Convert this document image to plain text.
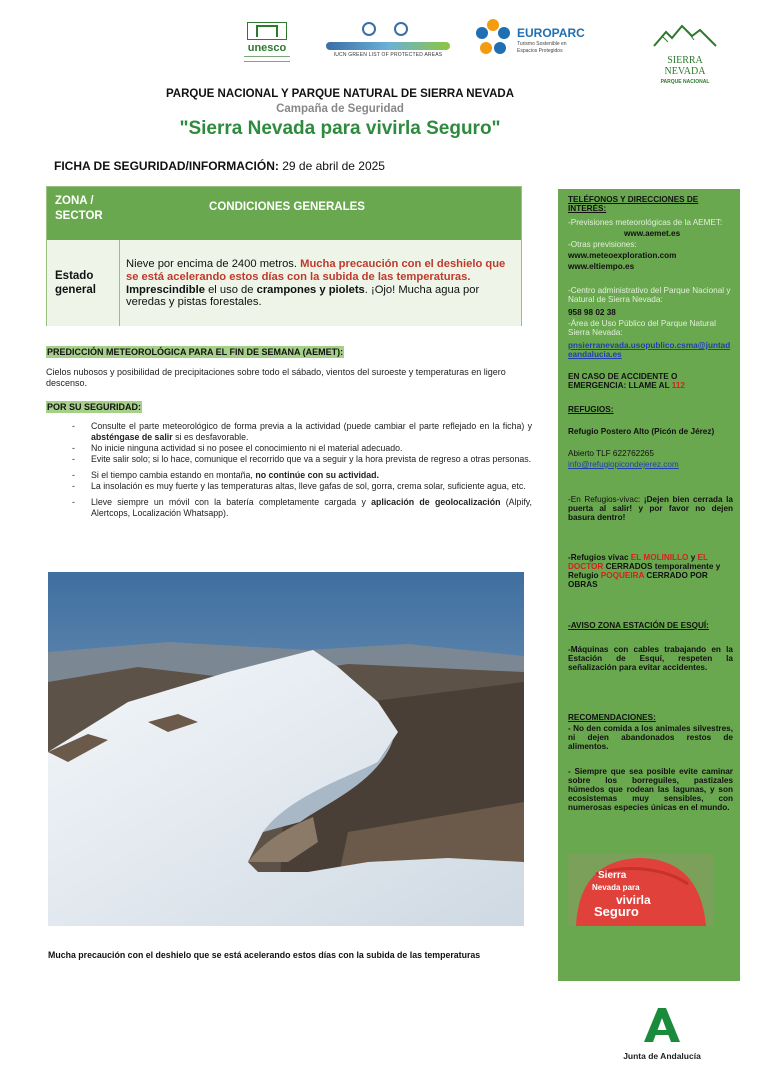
unesco
IUCN GREEN LIST OF PROTECTED AREAS
EUROPARC
Turismo Sostenible en Espacios Protegidos
SIERRA
NEVADA
PARQUE NACIONAL
PARQUE NACIONAL Y PARQUE NATURAL DE SIERRA NEVADA
Campaña de Seguridad
"Sierra Nevada para vivirla Seguro"
FICHA DE SEGURIDAD/INFORMACIÓN: 29 de abril de 2025
ZONA / SECTOR
CONDICIONES GENERALES
Estado general
Nieve por encima de 2400 metros. Mucha precaución con el deshielo que se está acelerando estos días con la subida de las temperaturas. Imprescindible el uso de crampones y piolets. ¡Ojo! Mucha agua por veredas y pistas forestales.
PREDICCIÓN METEOROLÓGICA PARA EL FIN DE SEMANA (AEMET):
Cielos nubosos y posibilidad de precipitaciones sobre todo el sábado, vientos del suroeste y temperaturas en ligero descenso.
POR SU SEGURIDAD:
- Consulte el parte meteorológico de forma previa a la actividad (puede cambiar el parte reflejado en la ficha) y absténgase de salir si es desfavorable.
- No inicie ninguna actividad si no posee el conocimiento ni el material adecuado.
- Evite salir solo; si lo hace, comunique el recorrido que va a seguir y la hora prevista de regreso a otras personas.
- Si el tiempo cambia estando en montaña, no continúe con su actividad.
- La insolación es muy fuerte y las temperaturas altas, lleve gafas de sol, gorra, crema solar, suficiente agua, etc.
- Lleve siempre un móvil con la batería completamente cargada y aplicación de geolocalización (Alpify, Alertcops, Localización Whatsapp).
Mucha precaución con el deshielo que se está acelerando estos días con la subida de las temperaturas
TELÉFONOS Y DIRECCIONES DE INTERÉS:
-Previsiones meteorológicas de la AEMET:
www.aemet.es
-Otras previsiones:
www.meteoexploration.com
www.eltiempo.es
-Centro administrativo del Parque Nacional y Natural de Sierra Nevada:
958 98 02 38
-Área de Uso Público del Parque Natural Sierra Nevada:
pnsierranevada.usopublico.csma@juntadeandalucia.es
EN CASO DE ACCIDENTE O EMERGENCIA: LLAME AL 112
REFUGIOS:
Refugio Postero Alto (Picón de Jérez)
Abierto TLF 622762265
info@refugiopicondejerez.com
-En Refugios-vivac: ¡Dejen bien cerrada la puerta al salir! y por favor no dejen basura dentro!
-Refugios vivac EL MOLINILLO y EL DOCTOR CERRADOS temporalmente y Refugio POQUEIRA CERRADO POR OBRAS
-AVISO ZONA ESTACIÓN DE ESQUÍ:
-Máquinas con cables trabajando en la Estación de Esquí, respeten la señalización para evitar accidentes.
RECOMENDACIONES:
- No den comida a los animales silvestres, ni dejen abandonados restos de alimentos.
- Siempre que sea posible evite caminar sobre los borreguiles, pastizales húmedos que rodean las lagunas, y son ecosistemas muy sensibles, con numerosas especies únicas en el mundo.
Sierra
Nevada para
vivirla
Seguro
Junta de Andalucía
